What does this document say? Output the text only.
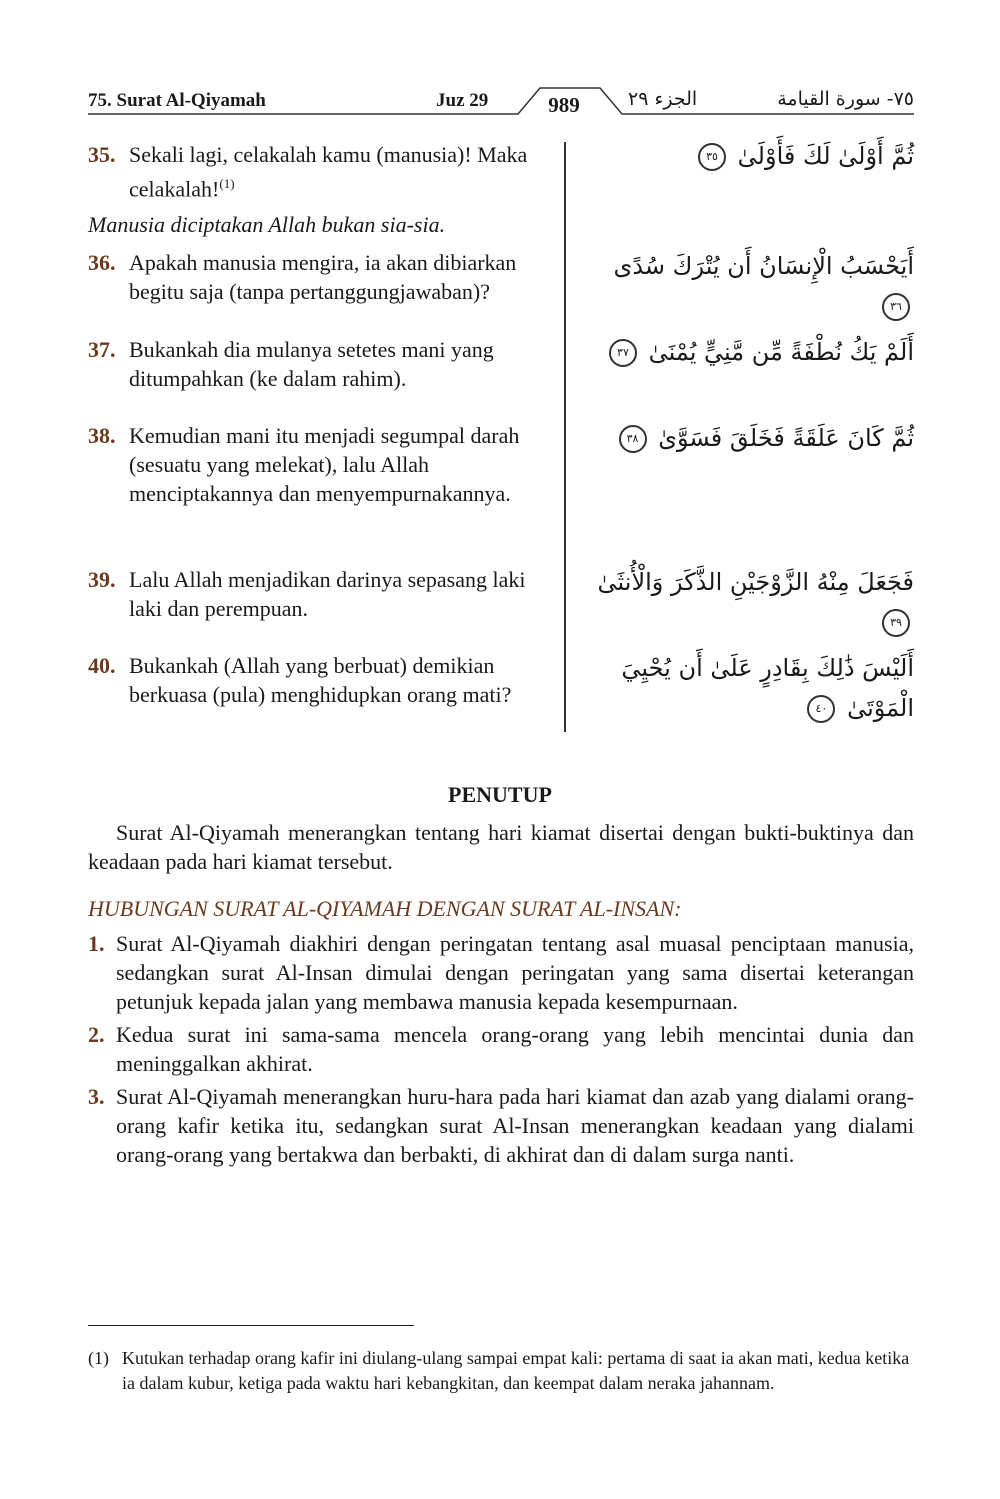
75. Surat Al-Qiyamah	Juz 29	989	الجزء ٢٩	٧٥- سورة القيامة
35. Sekali lagi, celakalah kamu (manusia)! Maka celakalah!$^{(1)}$
ثُمَّ أَوْلَىٰ لَكَ فَأَوْلَىٰ ٣٥
Manusia diciptakan Allah bukan sia-sia.
36. Apakah manusia mengira, ia akan dibiarkan begitu saja (tanpa pertanggungjawaban)?
أَيَحْسَبُ الْإِنسَانُ أَن يُتْرَكَ سُدًى ٣٦
37. Bukankah dia mulanya setetes mani yang ditumpahkan (ke dalam rahim).
أَلَمْ يَكُ نُطْفَةً مِّن مَّنِيٍّ يُمْنَىٰ ٣٧
38. Kemudian mani itu menjadi segumpal darah (sesuatu yang melekat), lalu Allah menciptakannya dan menyempurnakannya.
ثُمَّ كَانَ عَلَقَةً فَخَلَقَ فَسَوَّىٰ ٣٨
39. Lalu Allah menjadikan darinya sepasang laki laki dan perempuan.
فَجَعَلَ مِنْهُ الزَّوْجَيْنِ الذَّكَرَ وَالْأُنثَىٰ ٣٩
40. Bukankah (Allah yang berbuat) demikian berkuasa (pula) menghidupkan orang mati?
أَلَيْسَ ذَٰلِكَ بِقَادِرٍ عَلَىٰ أَن يُحْيِيَ الْمَوْتَىٰ ٤٠
PENUTUP
Surat Al-Qiyamah menerangkan tentang hari kiamat disertai dengan bukti-buktinya dan keadaan pada hari kiamat tersebut.
HUBUNGAN SURAT AL-QIYAMAH DENGAN SURAT AL-INSAN:
1. Surat Al-Qiyamah diakhiri dengan peringatan tentang asal muasal penciptaan manusia, sedangkan surat Al-Insan dimulai dengan peringatan yang sama disertai keterangan petunjuk kepada jalan yang membawa manusia kepada kesempurnaan.
2. Kedua surat ini sama-sama mencela orang-orang yang lebih mencintai dunia dan meninggalkan akhirat.
3. Surat Al-Qiyamah menerangkan huru-hara pada hari kiamat dan azab yang dialami orang-orang kafir ketika itu, sedangkan surat Al-Insan menerangkan keadaan yang dialami orang-orang yang bertakwa dan berbakti, di akhirat dan di dalam surga nanti.
(1) Kutukan terhadap orang kafir ini diulang-ulang sampai empat kali: pertama di saat ia akan mati, kedua ketika ia dalam kubur, ketiga pada waktu hari kebangkitan, dan keempat dalam neraka jahannam.
